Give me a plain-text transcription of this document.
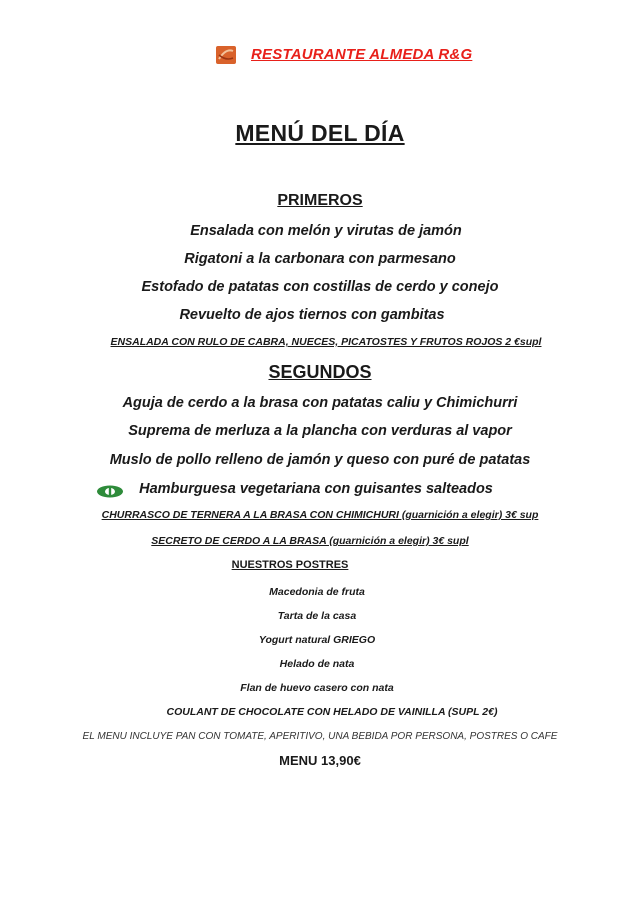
RESTAURANTE ALMEDA R&G
MENÚ DEL DÍA
PRIMEROS
Ensalada con melón y virutas de jamón
Rigatoni a la carbonara con parmesano
Estofado de patatas con costillas de cerdo y conejo
Revuelto de ajos tiernos con gambitas
ENSALADA CON RULO DE CABRA, NUECES, PICATOSTES Y FRUTOS ROJOS 2 €supl
SEGUNDOS
Aguja de cerdo a la brasa con patatas caliu y Chimichurri
Suprema de merluza a la plancha con verduras al vapor
Muslo de pollo relleno de jamón y queso con puré de patatas
Hamburguesa vegetariana con guisantes salteados
CHURRASCO DE TERNERA A LA BRASA CON CHIMICHURI (guarnición a elegir) 3€ sup
SECRETO DE CERDO A LA BRASA (guarnición a elegir) 3€ supl
NUESTROS POSTRES
Macedonia de fruta
Tarta de la casa
Yogurt natural GRIEGO
Helado de nata
Flan de huevo casero con nata
COULANT DE CHOCOLATE CON HELADO DE VAINILLA (SUPL 2€)
EL MENU INCLUYE PAN CON TOMATE, APERITIVO, UNA BEBIDA POR PERSONA, POSTRES O CAFE
MENU 13,90€
